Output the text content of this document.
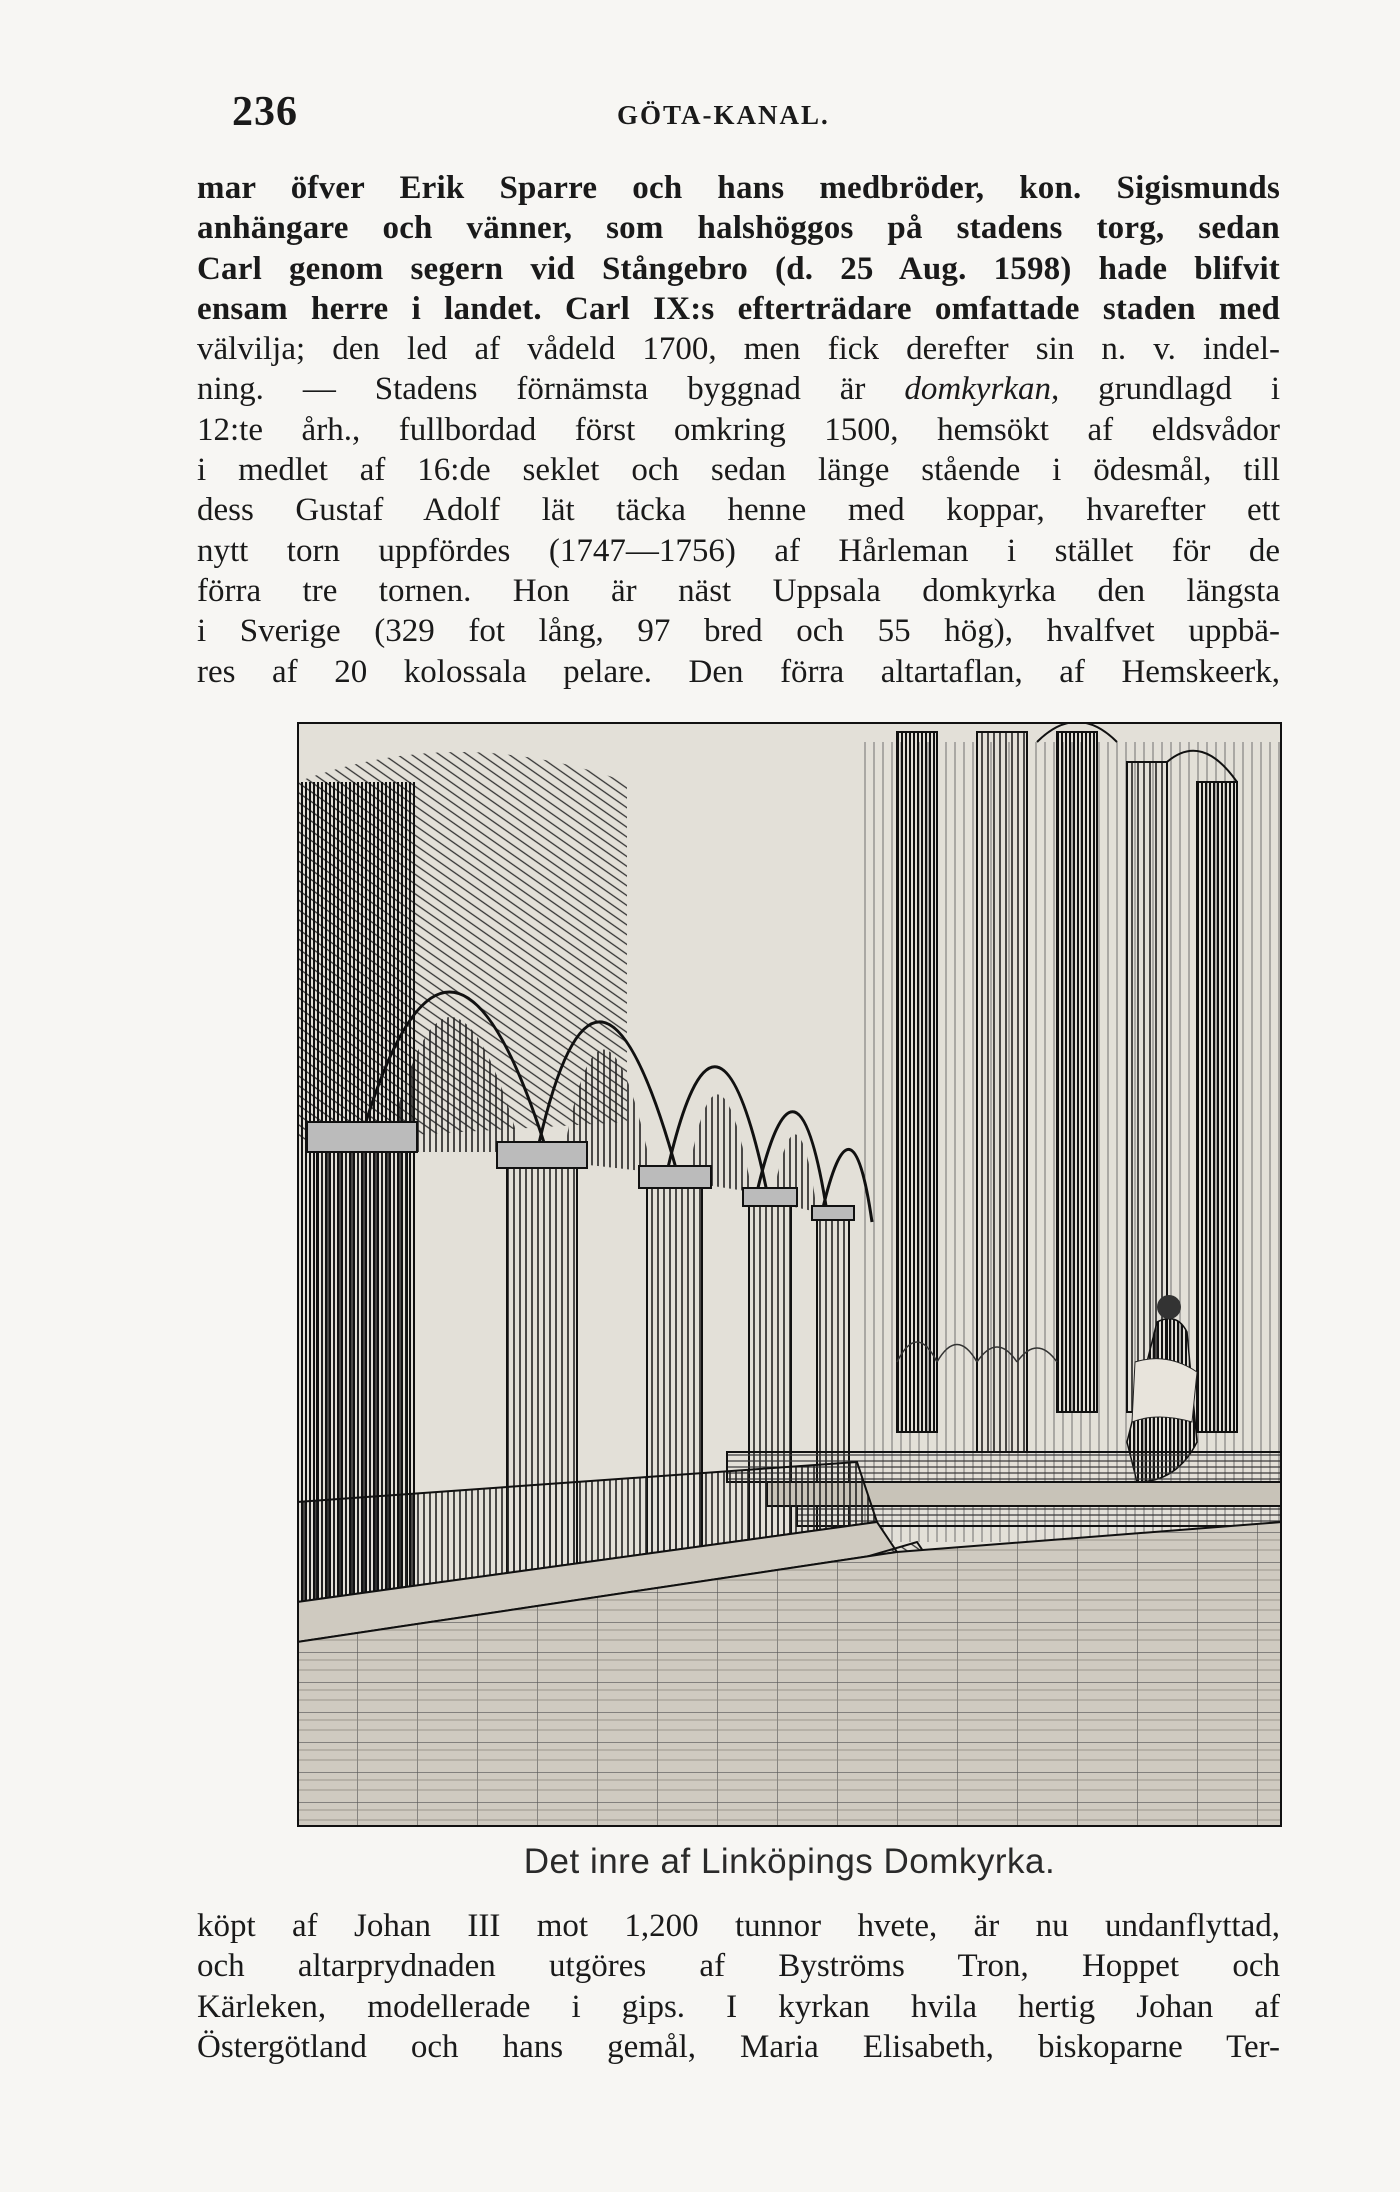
236	GÖTA-KANAL.
mar öfver Erik Sparre och hans medbröder, kon. Sigismunds
anhängare och vänner, som halshöggos på stadens torg, sedan
Carl genom segern vid Stångebro (d. 25 Aug. 1598) hade blifvit
ensam herre i landet. Carl IX:s efterträdare omfattade staden med
välvilja; den led af vådeld 1700, men fick derefter sin n. v. indel-
ning. — Stadens förnämsta byggnad är domkyrkan, grundlagd i
12:te årh., fullbordad först omkring 1500, hemsökt af eldsvådor
i medlet af 16:de seklet och sedan länge stående i ödesmål, till
dess Gustaf Adolf lät täcka henne med koppar, hvarefter ett
nytt torn uppfördes (1747—1756) af Hårleman i stället för de
förra tre tornen. Hon är näst Uppsala domkyrka den längsta
i Sverige (329 fot lång, 97 bred och 55 hög), hvalfvet uppbä-
res af 20 kolossala pelare. Den förra altartaflan, af Hemskeerk,
Det inre af Linköpings Domkyrka.
köpt af Johan III mot 1,200 tunnor hvete, är nu undanflyttad,
och altarprydnaden utgöres af Byströms Tron, Hoppet och
Kärleken, modellerade i gips. I kyrkan hvila hertig Johan af
Östergötland och hans gemål, Maria Elisabeth, biskoparne Ter-
